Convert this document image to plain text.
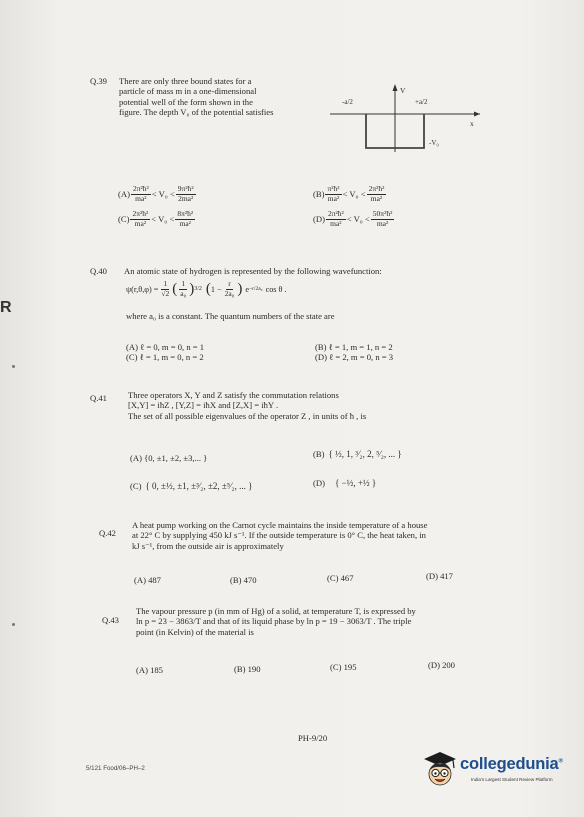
R
Q.39 There are only three bound states for a
particle of mass m in a one-dimensional
potential well of the form shown in the
figure. The depth V₀ of the potential satisfies
-a/2	+a/2
V
x
-V₀
$(A) \frac{\text{2π²ħ²}}{\text{ma²}} < V_0 < \frac{\text{9π²ħ²}}{\text{2ma²}}$	$(B) \frac{\text{π²ħ²}}{\text{ma²}} < V_0 < \frac{\text{2π²ħ²}}{\text{ma²}}$
$(C) \frac{\text{2π²ħ²}}{\text{ma²}} < V_0 < \frac{\text{8π²ħ²}}{\text{ma²}}$	$(D) \frac{\text{2π²ħ²}}{\text{ma²}} < V_0 < \frac{\text{50π²ħ²}}{\text{ma²}}$
Q.40 An atomic state of hydrogen is represented by the following wavefunction:
$\psi(r,\theta,\varphi) = \frac{1}{√2}$ ( $\frac{1}{\text{a₀}}$ ) 3/2 ( $1 - \frac{r}{\text{2a₀}}$ ) e −r/2a₀ cos θ .
where a₀ is a constant. The quantum numbers of the state are
(A) ℓ = 0, m = 0, n = 1	(B) ℓ = 1, m = 1, n = 2
(C) ℓ = 1, m = 0, n = 2	(D) ℓ = 2, m = 0, n = 3
Q.41 Three operators X, Y and Z satisfy the commutation relations
[X,Y] = iħZ , [Y,Z] = iħX and [Z,X] = iħY .
The set of all possible eigenvalues of the operator Z , in units of ħ , is
(A) {0, ±1, ±2, ±3,... }	(B) { ½, 1, ³⁄₂, 2, ⁵⁄₂, ... }
(C) { 0, ±½, ±1, ±³⁄₂, ±2, ±⁵⁄₂, ... }	(D) { −½, +½ }
Q.42
A heat pump working on the Carnot cycle maintains the inside temperature of a house
at 22° C by supplying 450 kJ s⁻¹. If the outside temperature is 0° C, the heat taken, in
kJ s⁻¹, from the outside air is approximately
(A) 487	(B) 470	(C) 467	(D) 417
Q.43
The vapour pressure p (in mm of Hg) of a solid, at temperature T, is expressed by
ln p = 23 − 3863/T and that of its liquid phase by ln p = 19 − 3063/T . The triple
point (in Kelvin) of the material is
(A) 185	(B) 190	(C) 195	(D) 200
PH-9/20
5/121 Food/06–PH–2	collegedunia®
India's Largest Student Review Platform
